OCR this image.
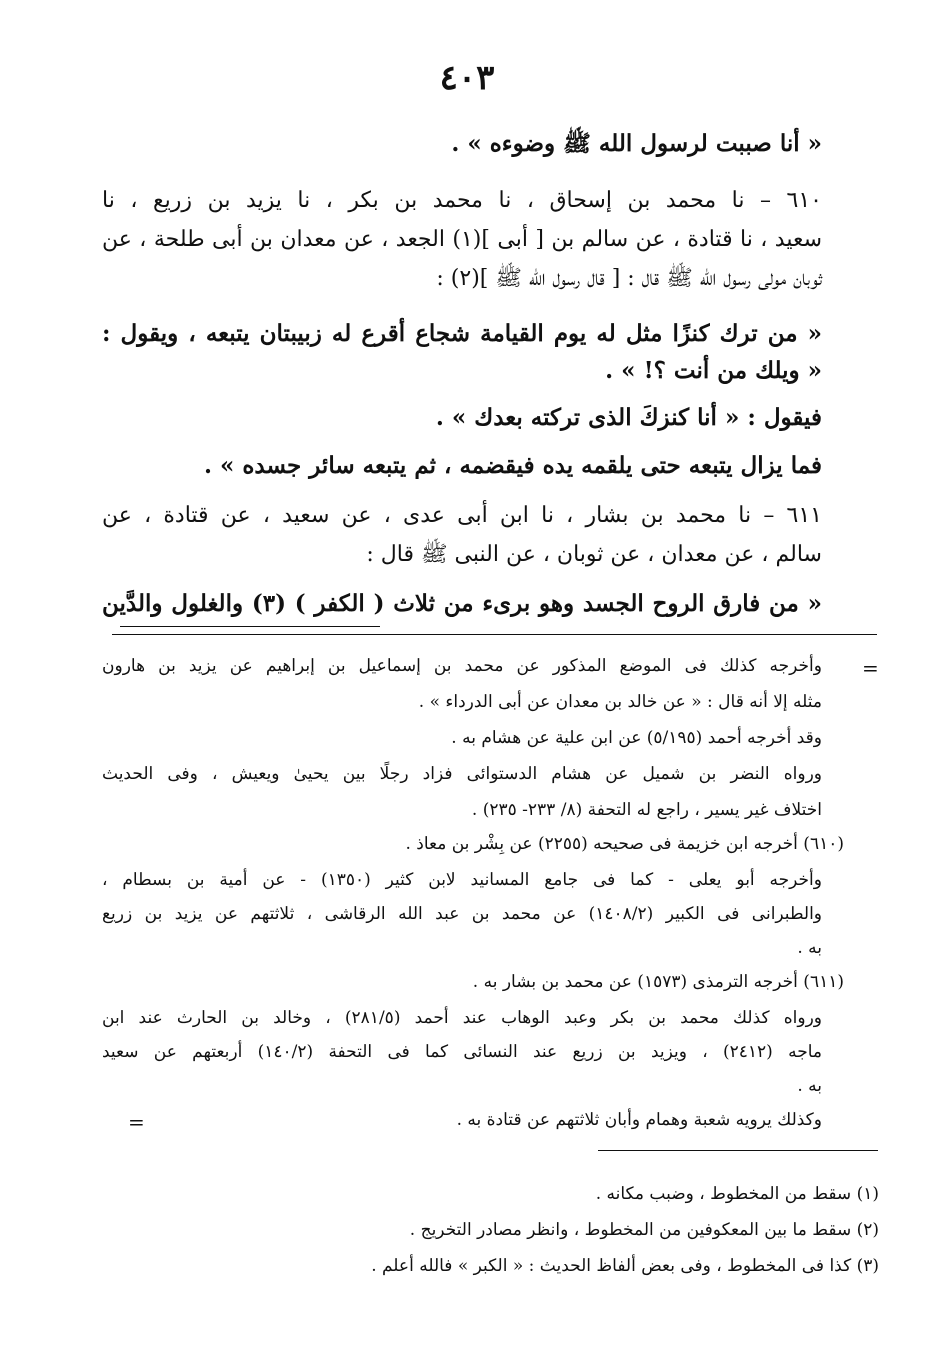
٤٠٣
« أنا صببت لرسول الله ﷺ وضوءه » .
٦١٠ – نا محمد بن إسحاق ، نا محمد بن بكر ، نا يزيد بن زريع ، نا
سعيد ، نا قتادة ، عن سالم بن [ أبى ](١) الجعد ، عن معدان بن أبى طلحة ، عن
ثوبان مولى رسول الله ﷺ قال : [ قال رسول الله ﷺ ](٢) :
« من ترك كنزًا مثل له يوم القيامة شجاع أقرع له زبيبتان يتبعه ، ويقول :
« ويلك من أنت ؟! » .
فيقول : « أنا كنزكَ الذى تركته بعدك » .
فما يزال يتبعه حتى يلقمه يده فيقضمه ، ثم يتبعه سائر جسده » .
٦١١ – نا محمد بن بشار ، نا ابن أبى عدى ، عن سعيد ، عن قتادة ، عن
سالم ، عن معدان ، عن ثوبان ، عن النبى ﷺ قال :
« من فارق الروح الجسد وهو برىء من ثلاث ( الكفر ) (٣) والغلول والدَّين
=
وأخرجه كذلك فى الموضع المذكور عن محمد بن إسماعيل بن إبراهيم عن يزيد بن هارون
مثله إلا أنه قال : « عن خالد بن معدان عن أبى الدرداء » .
وقد أخرجه أحمد (٥/١٩٥) عن ابن علية عن هشام به .
ورواه النضر بن شميل عن هشام الدستوائى فزاد رجلًا بين يحيىٰ ويعيش ، وفى الحديث
اختلاف غير يسير ، راجع له التحفة (٨/ ٢٣٣- ٢٣٥) .
(٦١٠) أخرجه ابن خزيمة فى صحيحه (٢٢٥٥) عن بِشْر بن معاذ .
وأخرجه أبو يعلى - كما فى جامع المسانيد لابن كثير (١٣٥٠) - عن أمية بن بسطام ،
والطبرانى فى الكبير (١٤٠٨/٢) عن محمد بن عبد الله الرقاشى ، ثلاثتهم عن يزيد بن زريع
به .
(٦١١) أخرجه الترمذى (١٥٧٣) عن محمد بن بشار به .
ورواه كذلك محمد بن بكر وعبد الوهاب عند أحمد (٢٨١/٥) ، وخالد بن الحارث عند ابن
ماجه (٢٤١٢) ، ويزيد بن زريع عند النسائى كما فى التحفة (١٤٠/٢) أربعتهم عن سعيد
به .
وكذلك يرويه شعبة وهمام وأبان ثلاثتهم عن قتادة به .
=
(١) سقط من المخطوط ، وضبب مكانه .
(٢) سقط ما بين المعكوفين من المخطوط ، وانظر مصادر التخريج .
(٣) كذا فى المخطوط ، وفى بعض ألفاظ الحديث : « الكبر » فالله أعلم .
